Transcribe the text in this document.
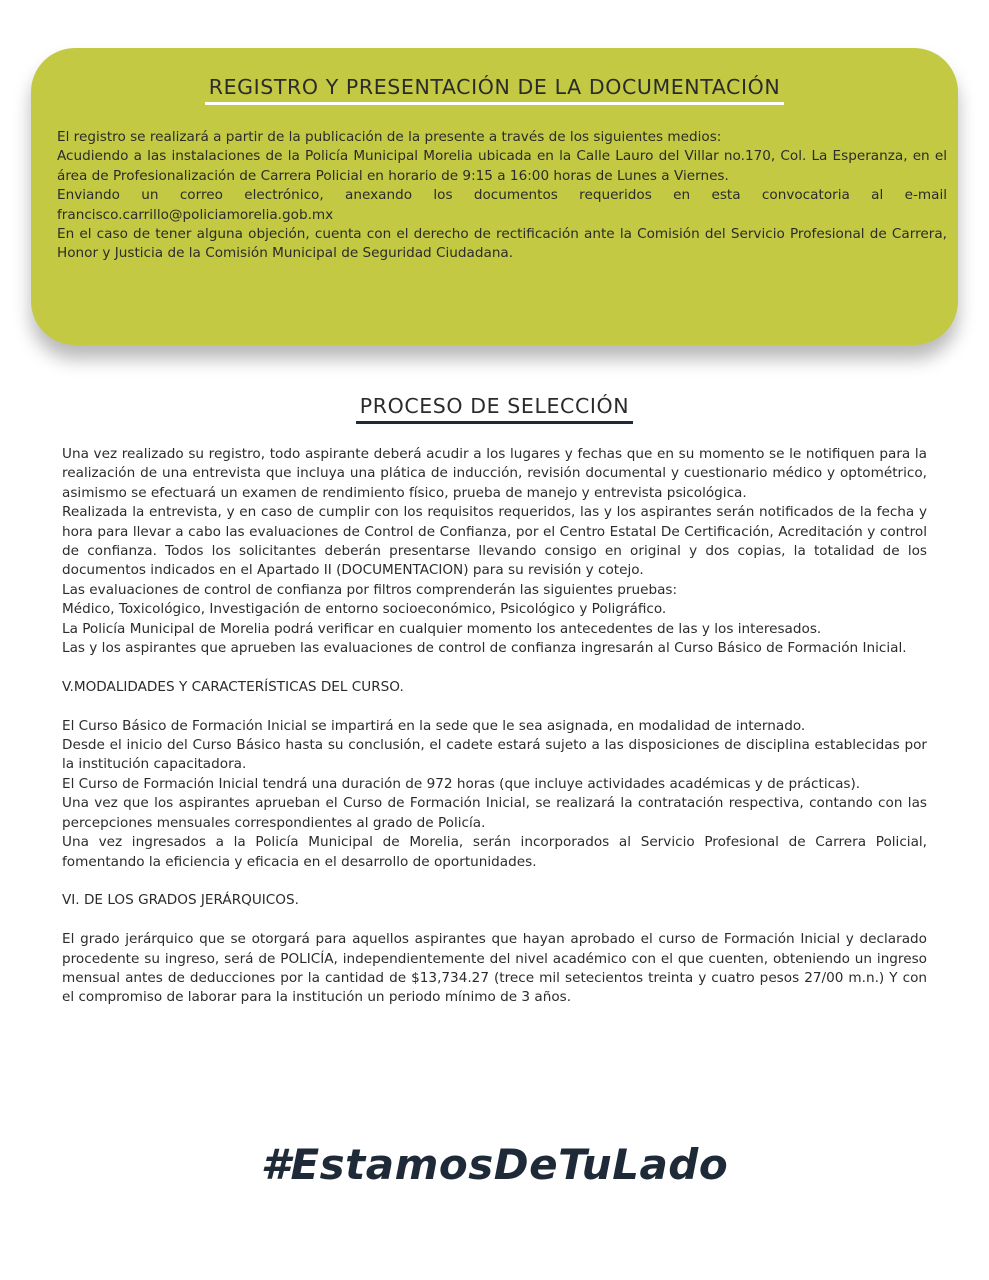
REGISTRO Y PRESENTACIÓN DE LA DOCUMENTACIÓN

El registro se realizará a partir de la publicación de la presente a través de los siguientes medios:

Acudiendo a las instalaciones de la Policía Municipal Morelia ubicada en la Calle Lauro del Villar no.170, Col. La Esperanza, en el área de Profesionalización de Carrera Policial en horario de 9:15 a 16:00 horas de Lunes a Viernes.

Enviando un correo electrónico, anexando los documentos requeridos en esta convocatoria al e-mail francisco.carrillo@policiamorelia.gob.mx

En el caso de tener alguna objeción, cuenta con el derecho de rectificación ante la Comisión del Servicio Profesional de Carrera, Honor y Justicia de la Comisión Municipal de Seguridad Ciudadana.

PROCESO DE SELECCIÓN

Una vez realizado su registro, todo aspirante deberá acudir a los lugares y fechas que en su momento se le notifiquen para la realización de una entrevista que incluya una plática de inducción, revisión documental y cuestionario médico y optométrico, asimismo se efectuará un examen de rendimiento físico, prueba de manejo y entrevista psicológica.

Realizada la entrevista, y en caso de cumplir con los requisitos requeridos, las y los aspirantes serán notificados de la fecha y hora para llevar a cabo las evaluaciones de Control de Confianza, por el Centro Estatal De Certificación, Acreditación y control de confianza. Todos los solicitantes deberán presentarse llevando consigo en original y dos copias, la totalidad de los documentos indicados en el Apartado II (DOCUMENTACION) para su revisión y cotejo.

Las evaluaciones de control de confianza por filtros comprenderán las siguientes pruebas:

Médico, Toxicológico, Investigación de entorno socioeconómico, Psicológico y Poligráfico.

La Policía Municipal de Morelia podrá verificar en cualquier momento los antecedentes de las y los interesados.

Las y los aspirantes que aprueben las evaluaciones de control de confianza ingresarán al Curso Básico de Formación Inicial.

V.MODALIDADES Y CARACTERÍSTICAS DEL CURSO.

El Curso Básico de Formación Inicial se impartirá en la sede que le sea asignada, en modalidad de internado.

Desde el inicio del Curso Básico hasta su conclusión, el cadete estará sujeto a las disposiciones de disciplina establecidas por la institución capacitadora.

El Curso de Formación Inicial tendrá una duración de 972 horas (que incluye actividades académicas y de prácticas).

Una vez que los aspirantes aprueban el Curso de Formación Inicial, se realizará la contratación respectiva, contando con las percepciones mensuales correspondientes al grado de Policía.

Una vez ingresados a la Policía Municipal de Morelia, serán incorporados al Servicio Profesional de Carrera Policial, fomentando la eficiencia y eficacia en el desarrollo de oportunidades.

VI. DE LOS GRADOS JERÁRQUICOS.

El grado jerárquico que se otorgará para aquellos aspirantes que hayan aprobado el curso de Formación Inicial y declarado procedente su ingreso, será de POLICÍA, independientemente del nivel académico con el que cuenten, obteniendo un ingreso mensual antes de deducciones por la cantidad de $13,734.27 (trece mil setecientos treinta y cuatro pesos 27/00 m.n.) Y con el compromiso de laborar para la institución un periodo mínimo de 3 años.

#EstamosDeTuLado
